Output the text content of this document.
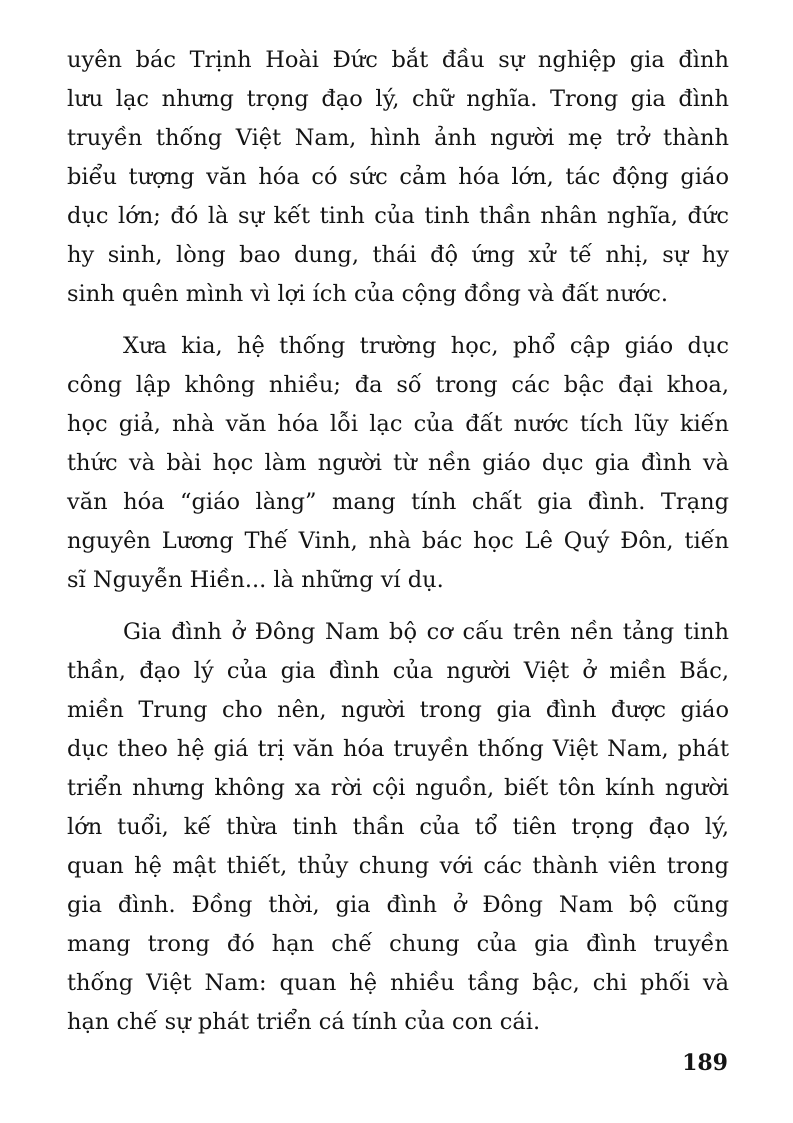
uyên bác Trịnh Hoài Đức bắt đầu sự nghiệp gia đình
lưu lạc nhưng trọng đạo lý, chữ nghĩa. Trong gia đình
truyền thống Việt Nam, hình ảnh người mẹ trở thành
biểu tượng văn hóa có sức cảm hóa lớn, tác động giáo
dục lớn; đó là sự kết tinh của tinh thần nhân nghĩa, đức
hy sinh, lòng bao dung, thái độ ứng xử tế nhị, sự hy
sinh quên mình vì lợi ích của cộng đồng và đất nước.
Xưa kia, hệ thống trường học, phổ cập giáo dục
công lập không nhiều; đa số trong các bậc đại khoa,
học giả, nhà văn hóa lỗi lạc của đất nước tích lũy kiến
thức và bài học làm người từ nền giáo dục gia đình và
văn hóa “giáo làng” mang tính chất gia đình. Trạng
nguyên Lương Thế Vinh, nhà bác học Lê Quý Đôn, tiến
sĩ Nguyễn Hiền... là những ví dụ.
Gia đình ở Đông Nam bộ cơ cấu trên nền tảng tinh
thần, đạo lý của gia đình của người Việt ở miền Bắc,
miền Trung cho nên, người trong gia đình được giáo
dục theo hệ giá trị văn hóa truyền thống Việt Nam, phát
triển nhưng không xa rời cội nguồn, biết tôn kính người
lớn tuổi, kế thừa tinh thần của tổ tiên trọng đạo lý,
quan hệ mật thiết, thủy chung với các thành viên trong
gia đình. Đồng thời, gia đình ở Đông Nam bộ cũng
mang trong đó hạn chế chung của gia đình truyền
thống Việt Nam: quan hệ nhiều tầng bậc, chi phối và
hạn chế sự phát triển cá tính của con cái.
189
